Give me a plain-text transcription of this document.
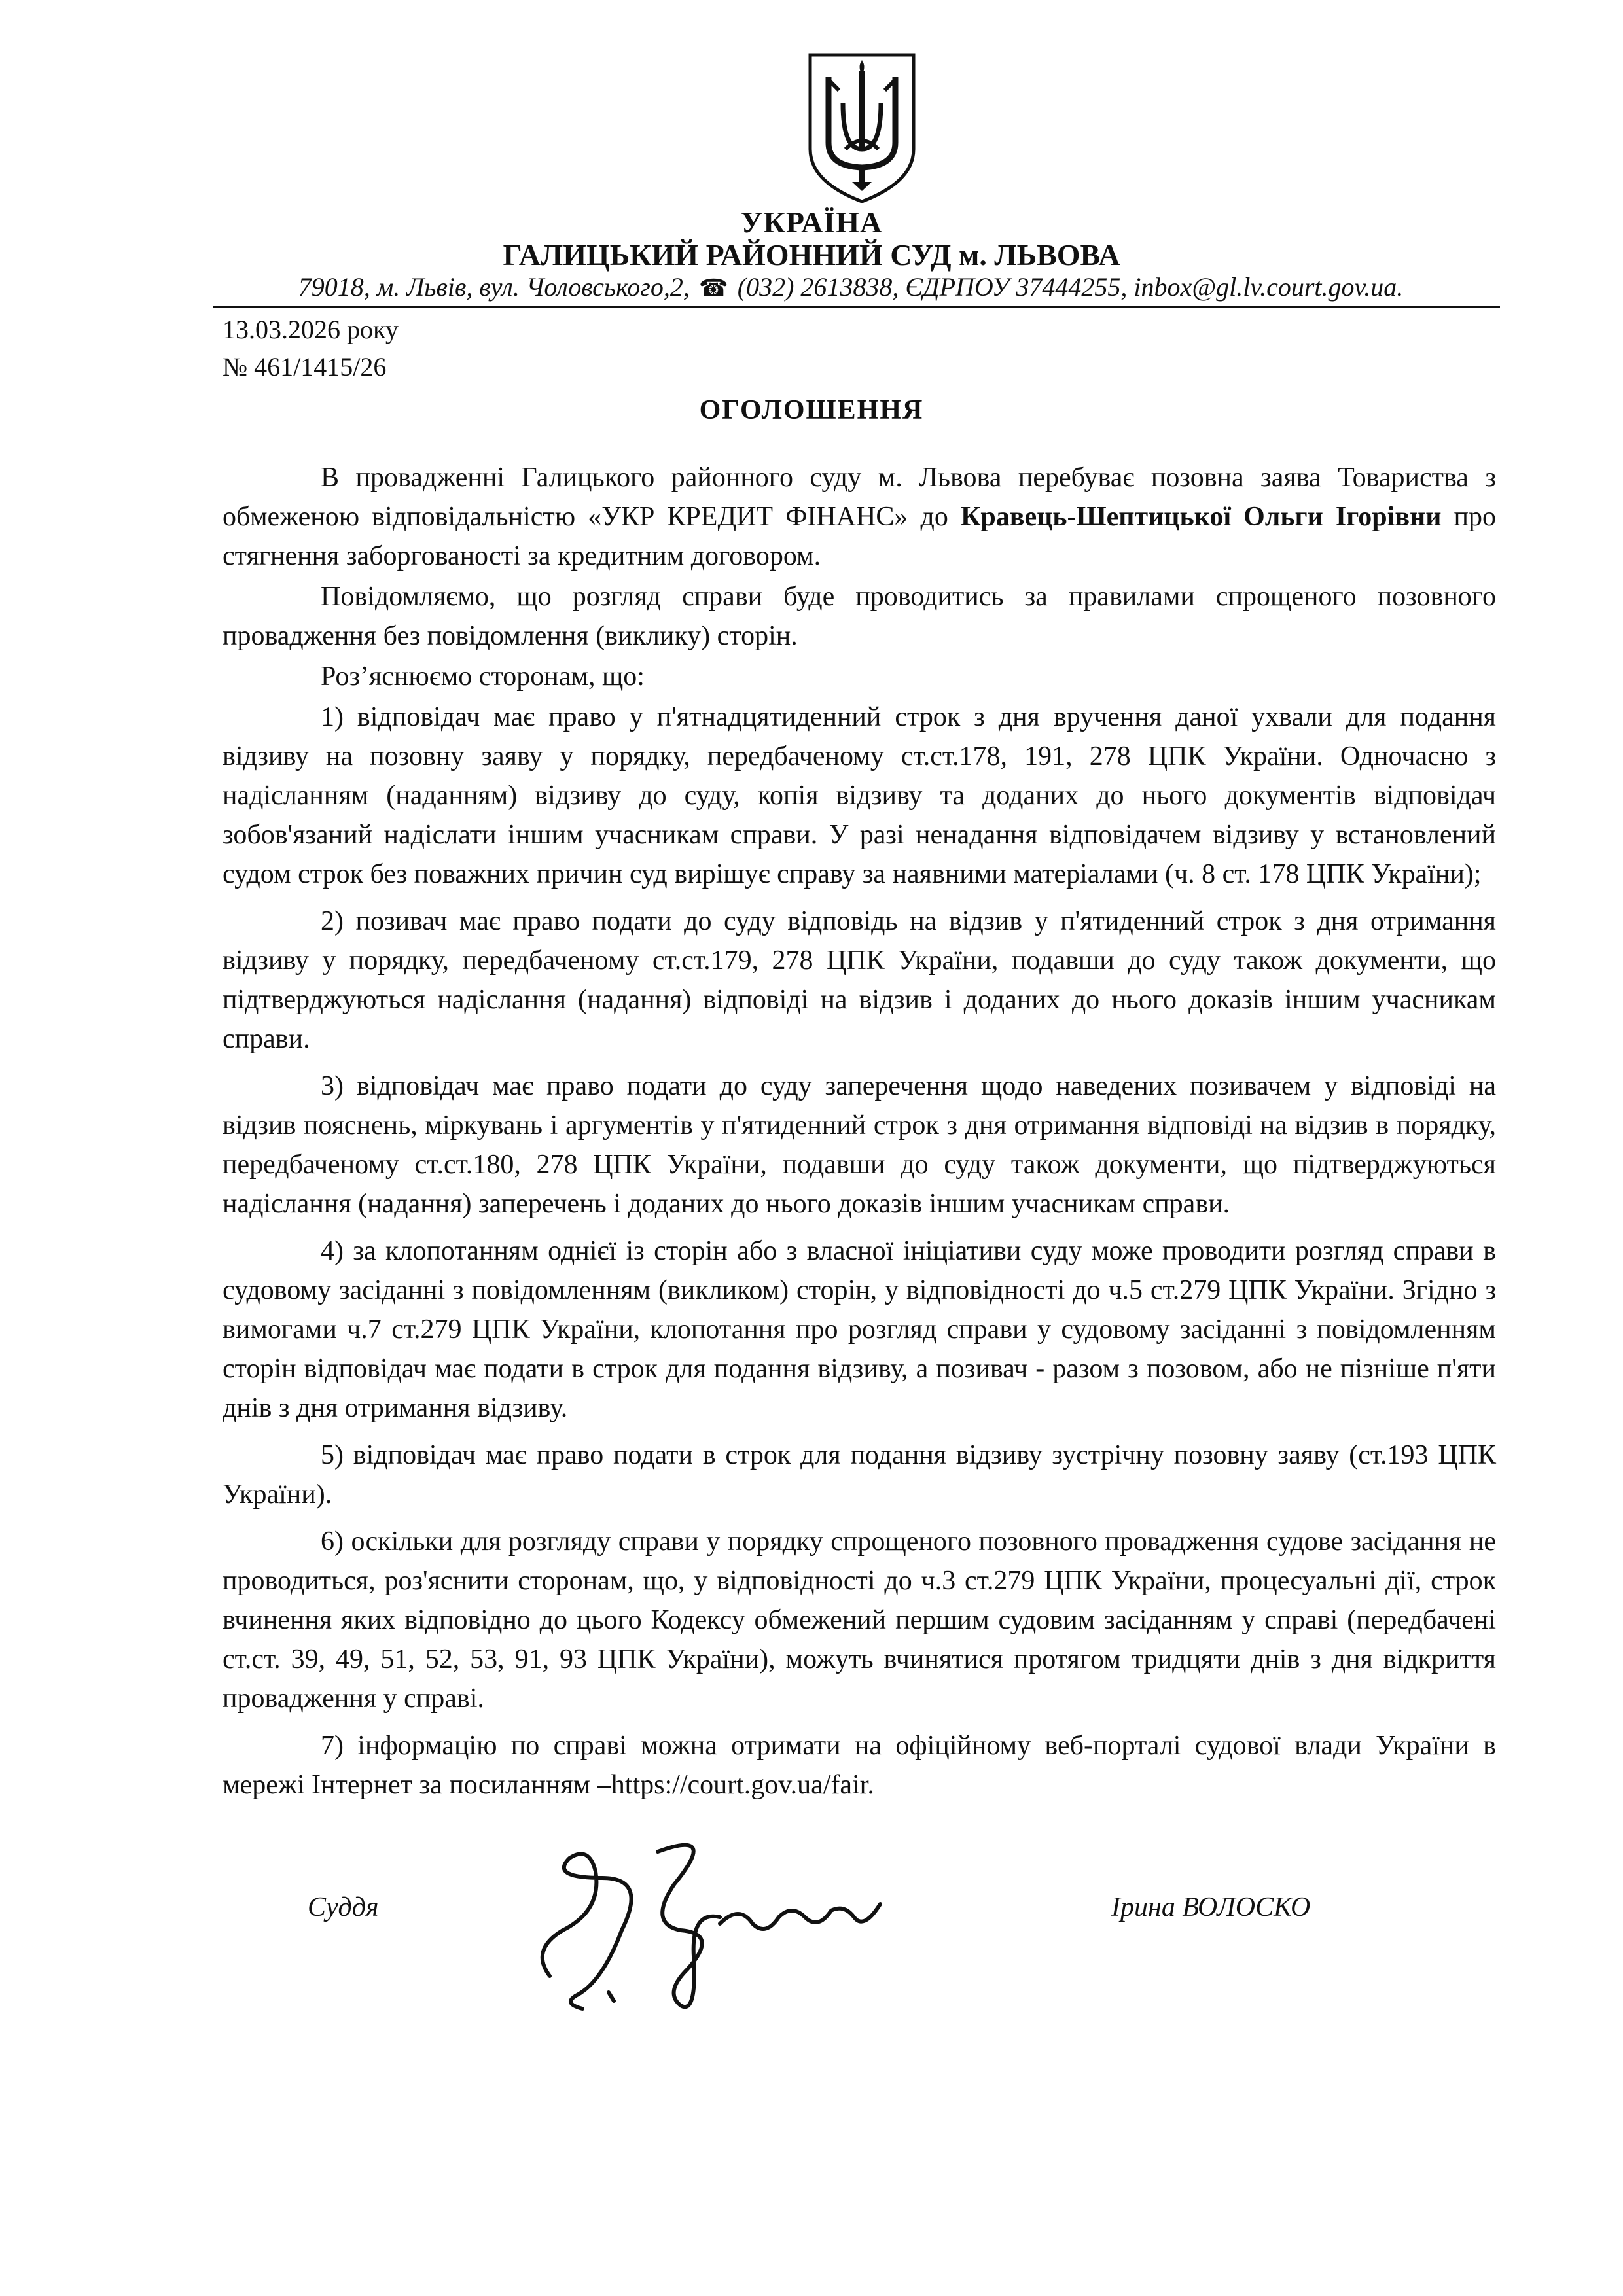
УКРАЇНА
ГАЛИЦЬКИЙ РАЙОННИЙ СУД м. ЛЬВОВА
79018, м. Львів, вул. Чоловського,2, ☎ (032) 2613838, ЄДРПОУ 37444255, inbox@gl.lv.court.gov.ua.
13.03.2026 року
№ 461/1415/26
ОГОЛОШЕННЯ

В провадженні Галицького районного суду м. Львова перебуває позовна заява Товариства з обмеженою відповідальністю «УКР КРЕДИТ ФІНАНС» до Кравець-Шептицької Ольги Ігорівни про стягнення заборгованості за кредитним договором.

Повідомляємо, що розгляд справи буде проводитись за правилами спрощеного позовного провадження без повідомлення (виклику) сторін.

Роз’яснюємо сторонам, що:

1) відповідач має право у п'ятнадцятиденний строк з дня вручення даної ухвали для подання відзиву на позовну заяву у порядку, передбаченому ст.ст.178, 191, 278 ЦПК України. Одночасно з надісланням (наданням) відзиву до суду, копія відзиву та доданих до нього документів відповідач зобов'язаний надіслати іншим учасникам справи. У разі ненадання відповідачем відзиву у встановлений судом строк без поважних причин суд вирішує справу за наявними матеріалами (ч. 8 ст. 178 ЦПК України);

2) позивач має право подати до суду відповідь на відзив у п'ятиденний строк з дня отримання відзиву у порядку, передбаченому ст.ст.179, 278 ЦПК України, подавши до суду також документи, що підтверджуються надіслання (надання) відповіді на відзив і доданих до нього доказів іншим учасникам справи.

3) відповідач має право подати до суду заперечення щодо наведених позивачем у відповіді на відзив пояснень, міркувань і аргументів у п'ятиденний строк з дня отримання відповіді на відзив в порядку, передбаченому ст.ст.180, 278 ЦПК України, подавши до суду також документи, що підтверджуються надіслання (надання) заперечень і доданих до нього доказів іншим учасникам справи.

4) за клопотанням однієї із сторін або з власної ініціативи суду може проводити розгляд справи в судовому засіданні з повідомленням (викликом) сторін, у відповідності до ч.5 ст.279 ЦПК України. Згідно з вимогами ч.7 ст.279 ЦПК України, клопотання про розгляд справи у судовому засіданні з повідомленням сторін відповідач має подати в строк для подання відзиву, а позивач - разом з позовом, або не пізніше п'яти днів з дня отримання відзиву.

5) відповідач має право подати в строк для подання відзиву зустрічну позовну заяву (ст.193 ЦПК України).

6) оскільки для розгляду справи у порядку спрощеного позовного провадження судове засідання не проводиться, роз'яснити сторонам, що, у відповідності до ч.3 ст.279 ЦПК України, процесуальні дії, строк вчинення яких відповідно до цього Кодексу обмежений першим судовим засіданням у справі (передбачені ст.ст. 39, 49, 51, 52, 53, 91, 93 ЦПК України), можуть вчинятися протягом тридцяти днів з дня відкриття провадження у справі.

7) інформацію по справі можна отримати на офіційному веб-порталі судової влади України в мережі Інтернет за посиланням –https://court.gov.ua/fair.

Суддя	Ірина ВОЛОСКО
